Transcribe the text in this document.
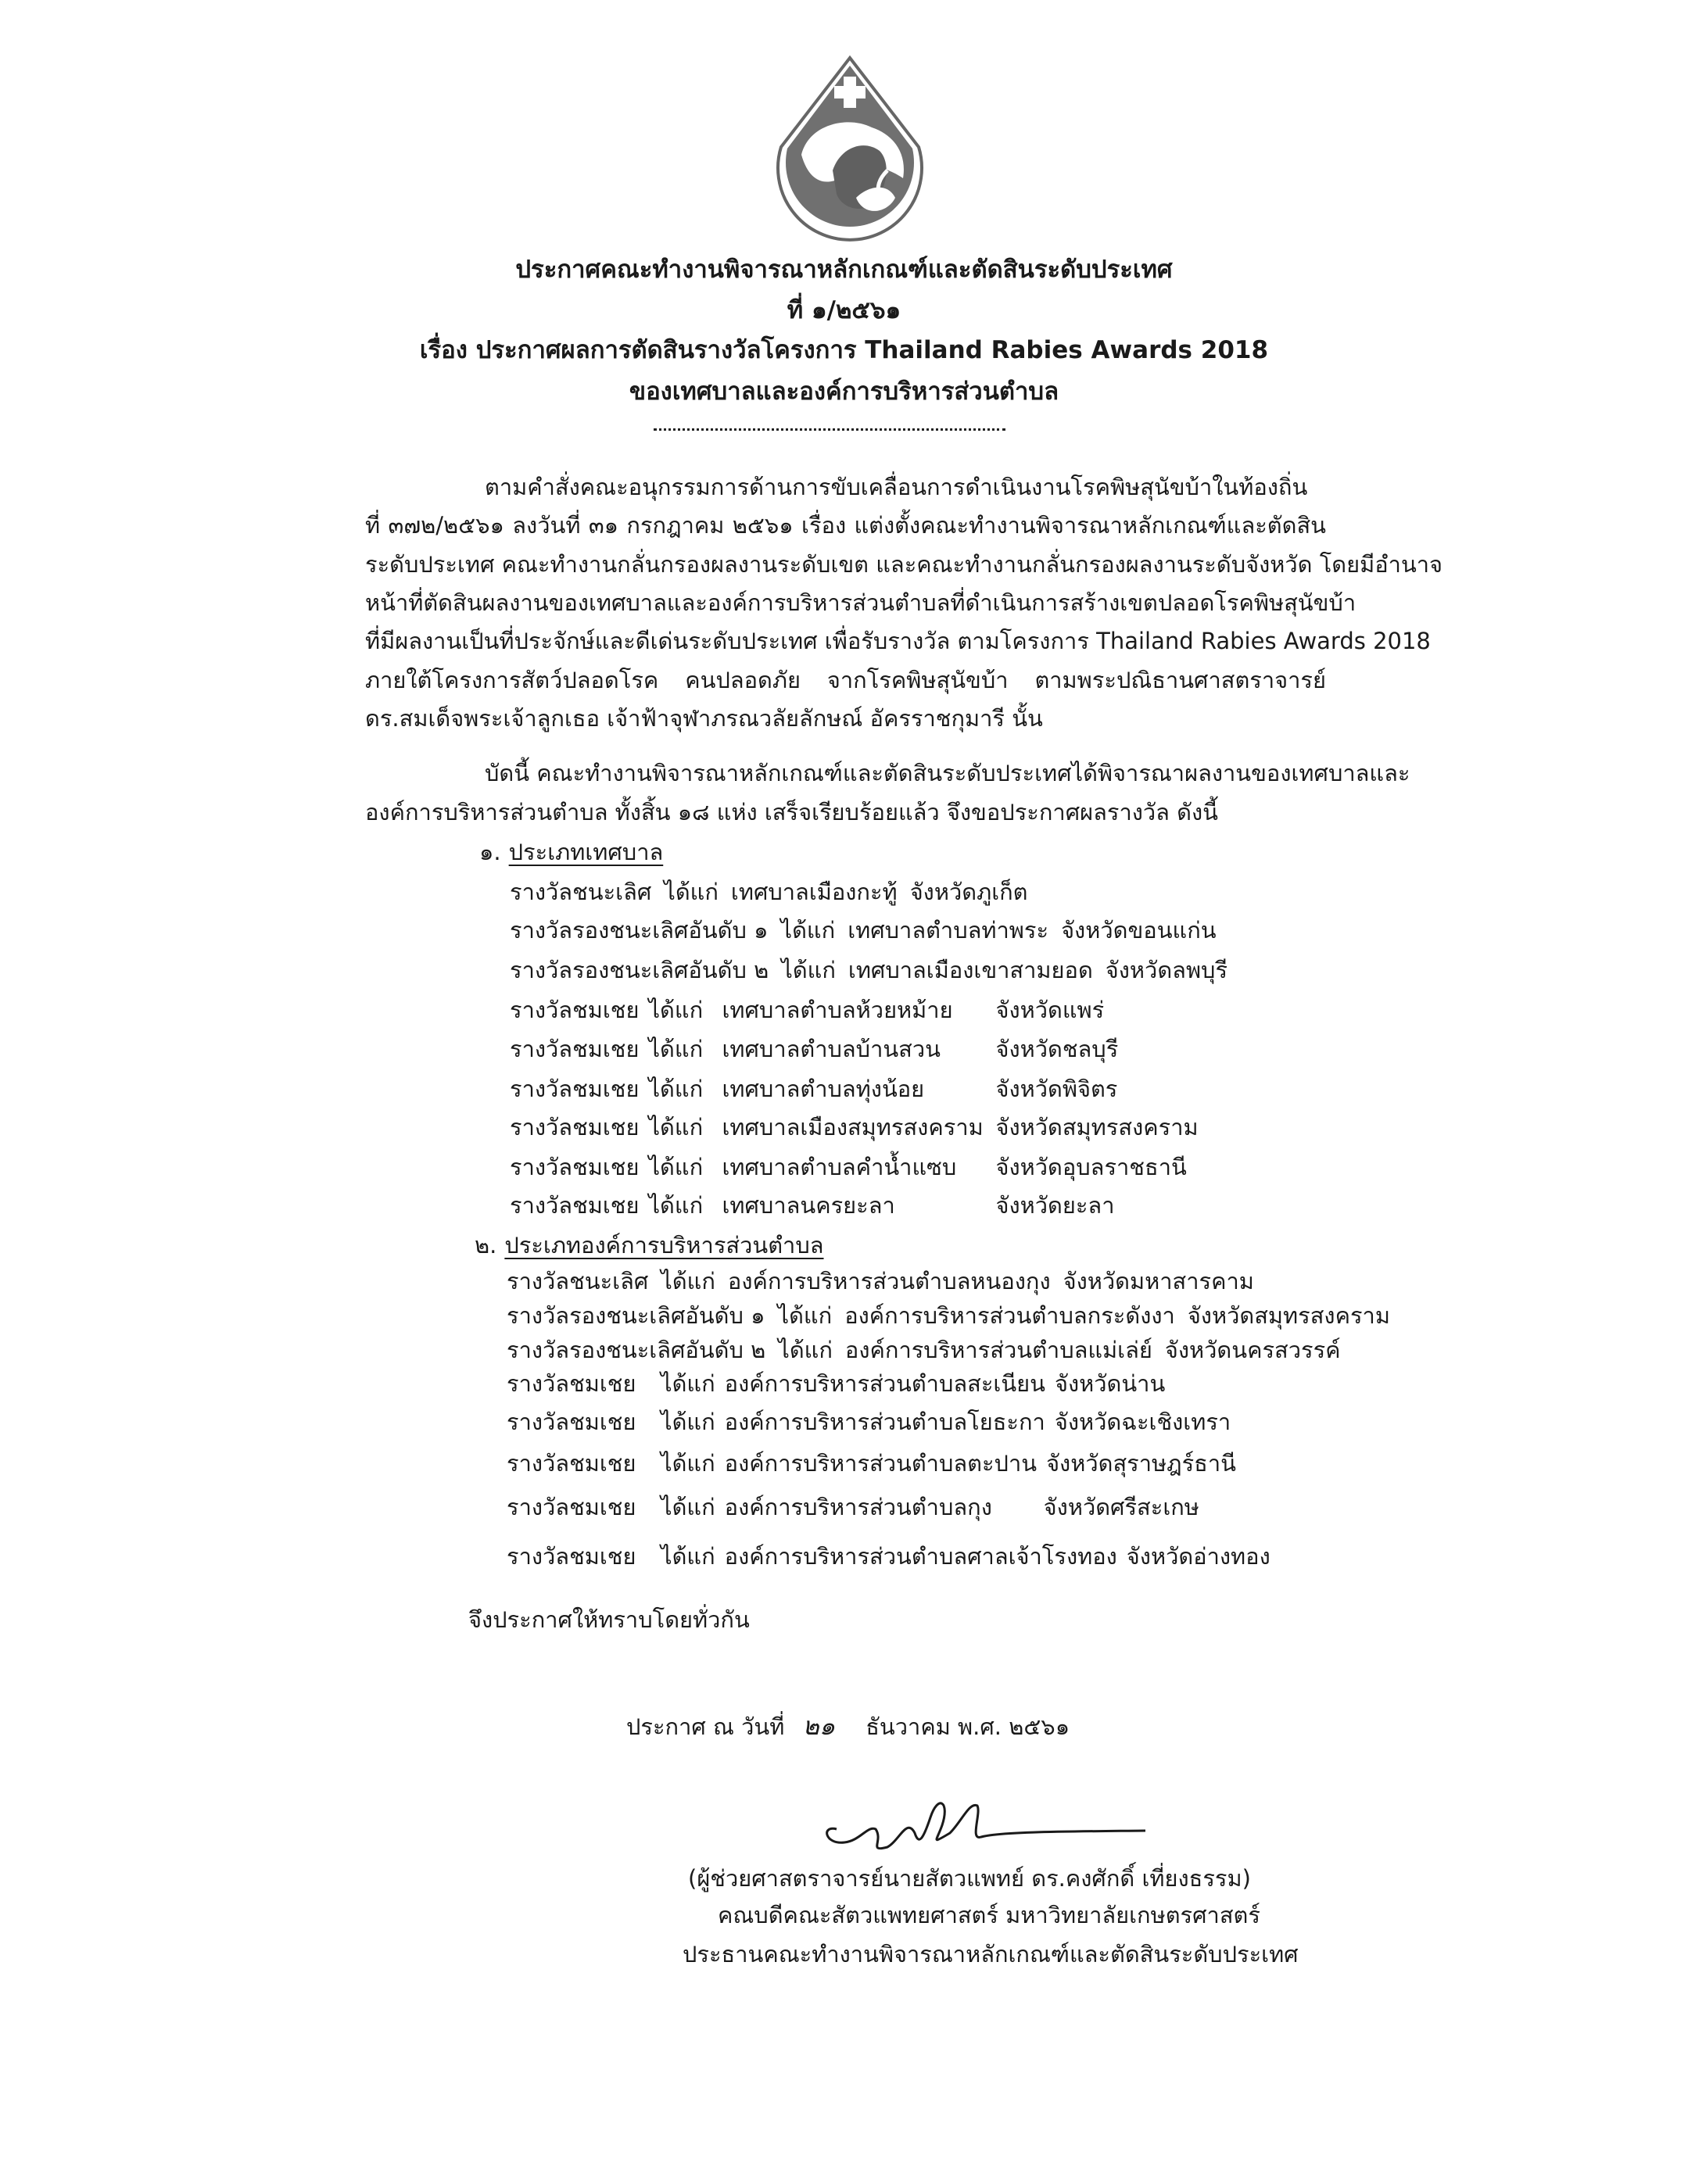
ประกาศคณะทำงานพิจารณาหลักเกณฑ์และตัดสินระดับประเทศ
ที่ ๑/๒๕๖๑
เรื่อง ประกาศผลการตัดสินรางวัลโครงการ Thailand Rabies Awards 2018
ของเทศบาลและองค์การบริหารส่วนตำบล
ตามคำสั่งคณะอนุกรรมการด้านการขับเคลื่อนการดำเนินงานโรคพิษสุนัขบ้าในท้องถิ่น
ที่ ๓๗๒/๒๕๖๑ ลงวันที่ ๓๑ กรกฎาคม ๒๕๖๑ เรื่อง แต่งตั้งคณะทำงานพิจารณาหลักเกณฑ์และตัดสิน
ระดับประเทศ คณะทำงานกลั่นกรองผลงานระดับเขต และคณะทำงานกลั่นกรองผลงานระดับจังหวัด โดยมีอำนาจ
หน้าที่ตัดสินผลงานของเทศบาลและองค์การบริหารส่วนตำบลที่ดำเนินการสร้างเขตปลอดโรคพิษสุนัขบ้า
ที่มีผลงานเป็นที่ประจักษ์และดีเด่นระดับประเทศ เพื่อรับรางวัล ตามโครงการ Thailand Rabies Awards 2018
ภายใต้โครงการสัตว์ปลอดโรค คนปลอดภัย จากโรคพิษสุนัขบ้า ตามพระปณิธานศาสตราจารย์
ดร.สมเด็จพระเจ้าลูกเธอ เจ้าฟ้าจุฬาภรณวลัยลักษณ์ อัครราชกุมารี นั้น
บัดนี้ คณะทำงานพิจารณาหลักเกณฑ์และตัดสินระดับประเทศได้พิจารณาผลงานของเทศบาลและ
องค์การบริหารส่วนตำบล ทั้งสิ้น ๑๘ แห่ง เสร็จเรียบร้อยแล้ว จึงขอประกาศผลรางวัล ดังนี้
๑. ประเภทเทศบาล
รางวัลชนะเลิศ ได้แก่ เทศบาลเมืองกะทู้ จังหวัดภูเก็ต
รางวัลรองชนะเลิศอันดับ ๑ ได้แก่ เทศบาลตำบลท่าพระ จังหวัดขอนแก่น
รางวัลรองชนะเลิศอันดับ ๒ ได้แก่ เทศบาลเมืองเขาสามยอด จังหวัดลพบุรี
รางวัลชมเชย ได้แก่ เทศบาลตำบลห้วยหม้าย จังหวัดแพร่
รางวัลชมเชย ได้แก่ เทศบาลตำบลบ้านสวน จังหวัดชลบุรี
รางวัลชมเชย ได้แก่ เทศบาลตำบลทุ่งน้อย	จังหวัดพิจิตร
รางวัลชมเชย ได้แก่ เทศบาลเมืองสมุทรสงคราม จังหวัดสมุทรสงคราม
รางวัลชมเชย ได้แก่ เทศบาลตำบลคำน้ำแซบ จังหวัดอุบลราชธานี
รางวัลชมเชย ได้แก่ เทศบาลนครยะลา	จังหวัดยะลา
๒. ประเภทองค์การบริหารส่วนตำบล
รางวัลชนะเลิศ ได้แก่ องค์การบริหารส่วนตำบลหนองกุง จังหวัดมหาสารคาม
รางวัลรองชนะเลิศอันดับ ๑ ได้แก่ องค์การบริหารส่วนตำบลกระดังงา จังหวัดสมุทรสงคราม
รางวัลรองชนะเลิศอันดับ ๒ ได้แก่ องค์การบริหารส่วนตำบลแม่เล่ย์ จังหวัดนครสวรรค์
รางวัลชมเชย ได้แก่ องค์การบริหารส่วนตำบลสะเนียน จังหวัดน่าน
รางวัลชมเชย ได้แก่ องค์การบริหารส่วนตำบลโยธะกา จังหวัดฉะเชิงเทรา
รางวัลชมเชย ได้แก่ องค์การบริหารส่วนตำบลตะปาน จังหวัดสุราษฎร์ธานี
รางวัลชมเชย ได้แก่ องค์การบริหารส่วนตำบลกุง จังหวัดศรีสะเกษ
รางวัลชมเชย ได้แก่ องค์การบริหารส่วนตำบลศาลเจ้าโรงทอง จังหวัดอ่างทอง
จึงประกาศให้ทราบโดยทั่วกัน
ประกาศ ณ วันที่ ๒๑ ธันวาคม พ.ศ. ๒๕๖๑
(ผู้ช่วยศาสตราจารย์นายสัตวแพทย์ ดร.คงศักดิ์ เที่ยงธรรม)
คณบดีคณะสัตวแพทยศาสตร์ มหาวิทยาลัยเกษตรศาสตร์
ประธานคณะทำงานพิจารณาหลักเกณฑ์และตัดสินระดับประเทศ
